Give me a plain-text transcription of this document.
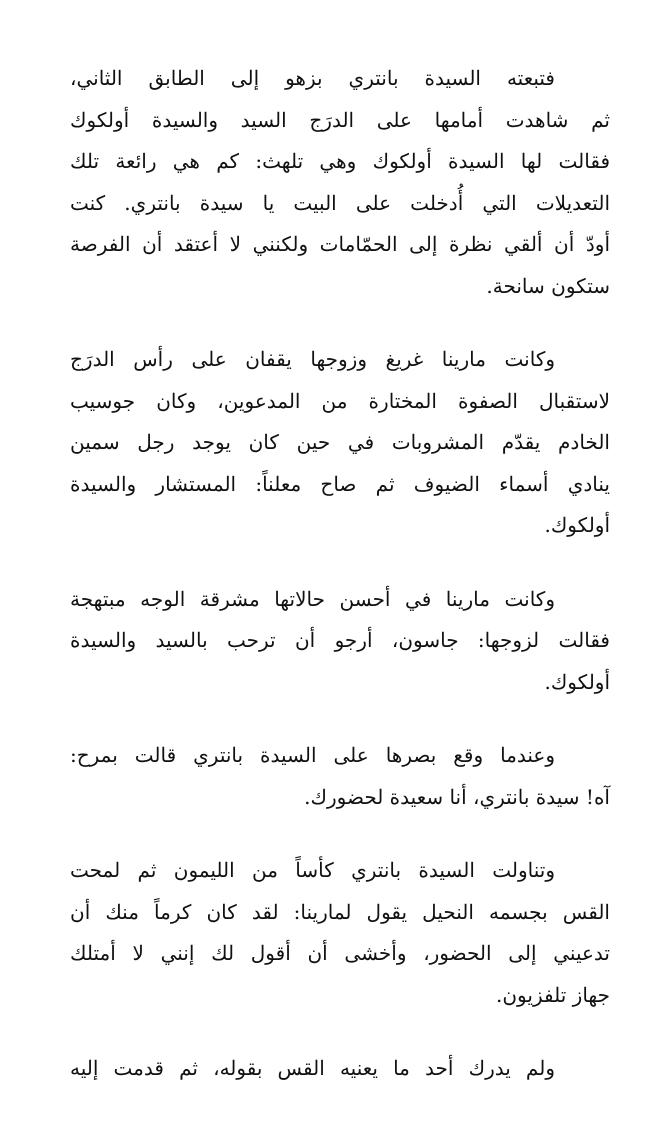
فتبعته السيدة بانتري بزهو إلى الطابق الثاني،
ثم شاهدت أمامها على الدرَج السيد والسيدة أولكوك
فقالت لها السيدة أولكوك وهي تلهث: كم هي رائعة تلك
التعديلات التي أُدخلت على البيت يا سيدة بانتري. كنت
أودّ أن ألقي نظرة إلى الحمّامات ولكنني لا أعتقد أن الفرصة
ستكون سانحة.

وكانت مارينا غريغ وزوجها يقفان على رأس الدرَج
لاستقبال الصفوة المختارة من المدعوين، وكان جوسيب
الخادم يقدّم المشروبات في حين كان يوجد رجل سمين
ينادي أسماء الضيوف ثم صاح معلناً: المستشار والسيدة
أولكوك.

وكانت مارينا في أحسن حالاتها مشرقة الوجه مبتهجة
فقالت لزوجها: جاسون، أرجو أن ترحب بالسيد والسيدة
أولكوك.

وعندما وقع بصرها على السيدة بانتري قالت بمرح:
آه! سيدة بانتري، أنا سعيدة لحضورك.

وتناولت السيدة بانتري كأساً من الليمون ثم لمحت
القس بجسمه النحيل يقول لمارينا: لقد كان كرماً منك أن
تدعيني إلى الحضور، وأخشى أن أقول لك إنني لا أمتلك
جهاز تلفزيون.

ولم يدرك أحد ما يعنيه القس بقوله، ثم قدمت إليه
